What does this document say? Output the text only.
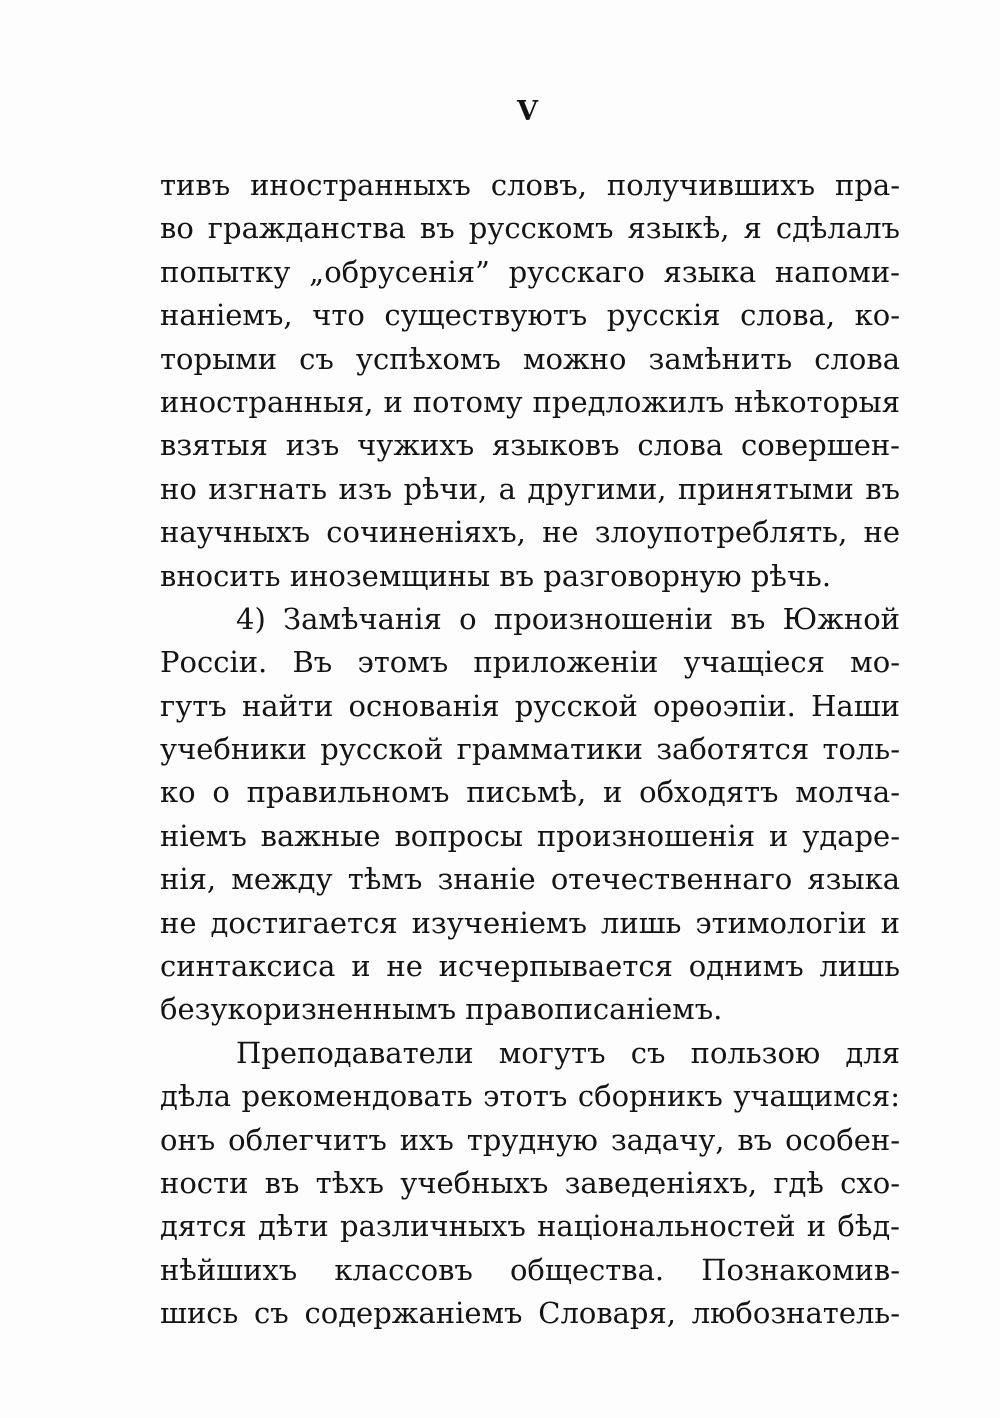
V
тивъ иностранныхъ словъ, получившихъ пра-
во гражданства въ русскомъ языкѣ, я сдѣлалъ
попытку „обрусенія” русскаго языка напоми-
наніемъ, что существуютъ русскія слова, ко-
торыми съ успѣхомъ можно замѣнить слова
иностранныя, и потому предложилъ нѣкоторыя
взятыя изъ чужихъ языковъ слова совершен-
но изгнать изъ рѣчи, а другими, принятыми въ
научныхъ сочиненіяхъ, не злоупотреблять, не
вносить иноземщины въ разговорную рѣчь.
4) Замѣчанія о произношеніи въ Южной
Россіи. Въ этомъ приложеніи учащіеся мо-
гутъ найти основанія русской орѳоэпіи. Наши
учебники русской грамматики заботятся толь-
ко о правильномъ письмѣ, и обходятъ молча-
ніемъ важные вопросы произношенія и ударе-
нія, между тѣмъ знаніе отечественнаго языка
не достигается изученіемъ лишь этимологіи и
синтаксиса и не исчерпывается однимъ лишь
безукоризненнымъ правописаніемъ.
Преподаватели могутъ съ пользою для
дѣла рекомендовать этотъ сборникъ учащимся:
онъ облегчитъ ихъ трудную задачу, въ особен-
ности въ тѣхъ учебныхъ заведеніяхъ, гдѣ схо-
дятся дѣти различныхъ національностей и бѣд-
нѣйшихъ классовъ общества. Познакомив-
шись съ содержаніемъ Словаря, любознатель-
